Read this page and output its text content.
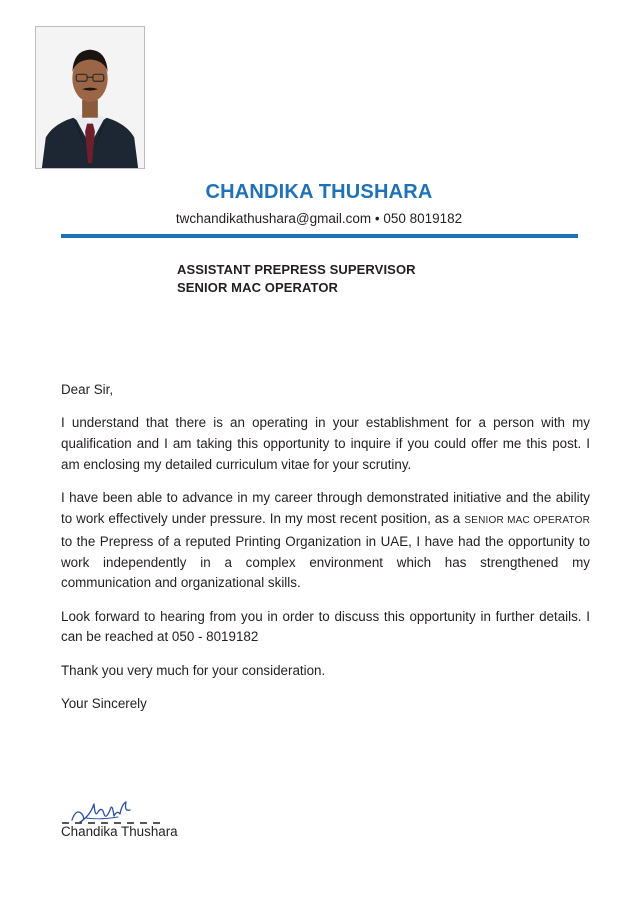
CHANDIKA THUSHARA
twchandikathushara@gmail.com • 050 8019182
ASSISTANT PREPRESS SUPERVISOR
SENIOR MAC OPERATOR

Dear Sir,

I understand that there is an operating in your establishment for a person with my qualification and I am taking this opportunity to inquire if you could offer me this post. I am enclosing my detailed curriculum vitae for your scrutiny.

I have been able to advance in my career through demonstrated initiative and the ability to work effectively under pressure. In my most recent position, as a SENIOR MAC OPERATOR to the Prepress of a reputed Printing Organization in UAE, I have had the opportunity to work independently in a complex environment which has strengthened my communication and organizational skills.

Look forward to hearing from you in order to discuss this opportunity in further details. I can be reached at 050 - 8019182

Thank you very much for your consideration.

Your Sincerely

Chandika Thushara
